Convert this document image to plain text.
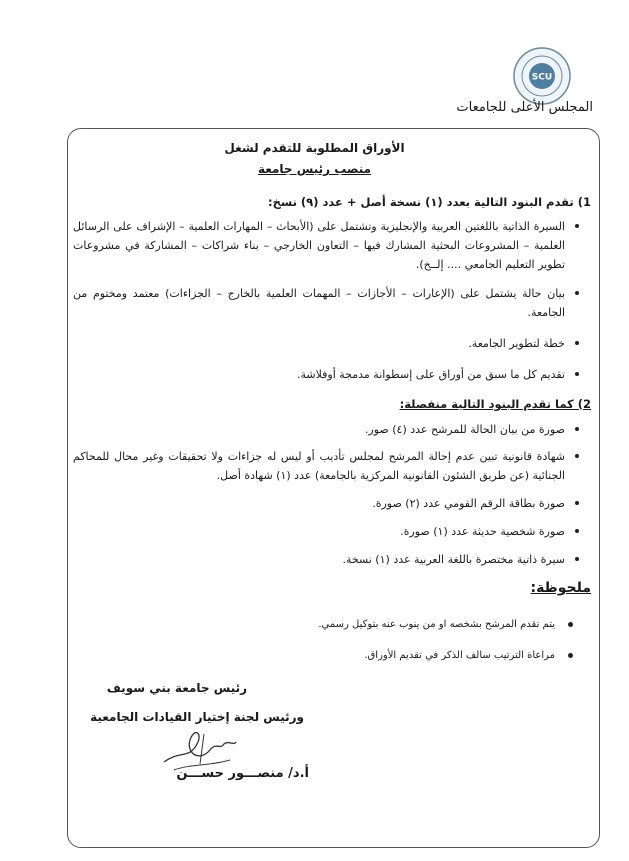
SCU
المجلس الأعلى للجامعات
الأوراق المطلوبة للتقدم لشغل
منصب رئيس جامعة
1) تقدم البنود التالية بعدد (١) نسخة أصل + عدد (٩) نسخ:
السيرة الذاتية باللغتين العربية والإنجليزية وتشتمل على (الأبحاث – المهارات العلمية – الإشراف على الرسائل العلمية – المشروعات البحثية المشارك فيها – التعاون الخارجي – بناء شراكات – المشاركة في مشروعات تطوير التعليم الجامعي .... إلــخ).
بيان حالة يشتمل على (الإعارات – الأجازات – المهمات العلمية بالخارج – الجزاءات) معتمد ومختوم من الجامعة.
خطة لتطوير الجامعة.
تقديم كل ما سبق من أوراق على إسطوانة مدمجة أوفلاشة.
2) كما تقدم البنود التالية منفصلة:
صورة من بيان الحالة للمرشح عدد (٤) صور.
شهادة قانونية تبين عدم إحالة المرشح لمجلس تأديب أو ليس له جزاءات ولا تحقيقات وغير محال للمحاكم الجنائية (عن طريق الشئون القانونية المركزية بالجامعة) عدد (١) شهادة أصل.
صورة بطاقة الرقم القومي عدد (٢) صورة.
صورة شخصية حديثة عدد (١) صورة.
سيرة ذاتية مختصرة باللغة العربية عدد (١) نسخة.
ملحوظة:
يتم تقدم المرشح بشخصه او من ينوب عنه بتوكيل رسمي.
مراعاة الترتيب سالف الذكر في تقديم الأوراق.
رئيس جامعة بني سويف
ورئيس لجنة إختيار القيادات الجامعية
أ.د/ منصـــور حســـن
